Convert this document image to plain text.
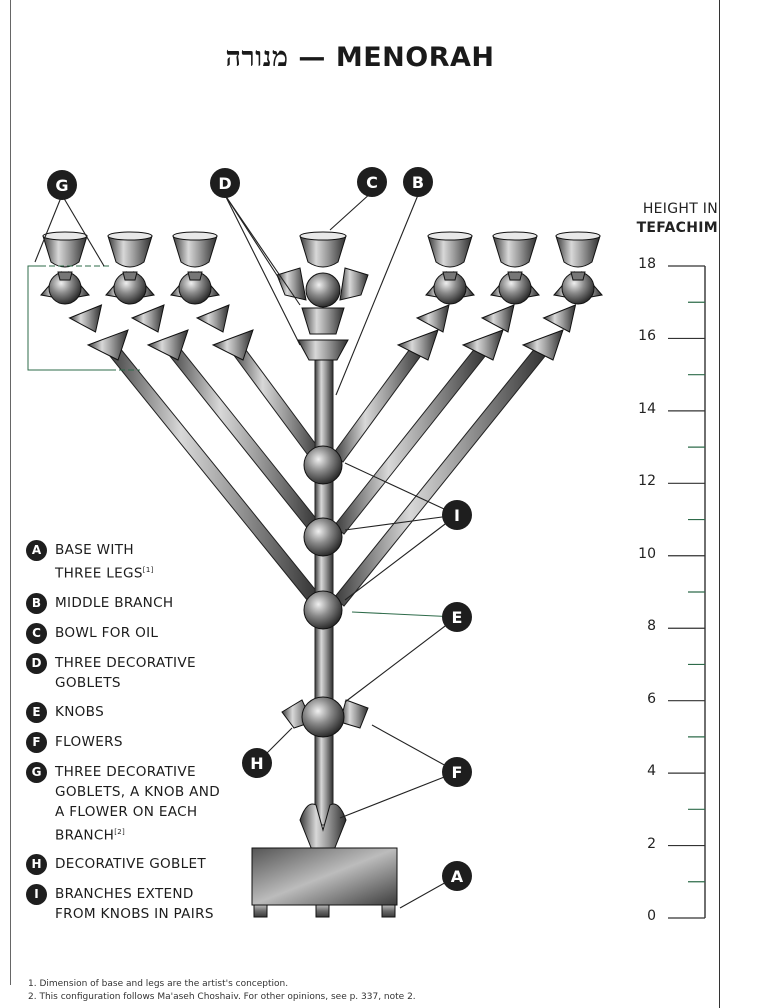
מנורה — MENORAH
G	D	C B
I
E
F
H
A
HEIGHT IN
TEFACHIM
18
16
14
12
10
8
6
4
2
0
A	BASE WITH
THREE LEGS[1]
B	MIDDLE BRANCH
C	BOWL FOR OIL
D THREE DECORATIVE
GOBLETS
E	KNOBS
F	FLOWERS
G THREE DECORATIVE
GOBLETS, A KNOB AND
A FLOWER ON EACH
BRANCH[2]
H DECORATIVE GOBLET
I	BRANCHES EXTEND
FROM KNOBS IN PAIRS
1. Dimension of base and legs are the artist's conception.
2. This configuration follows Ma'aseh Choshaiv. For other opinions, see p. 337, note 2.
